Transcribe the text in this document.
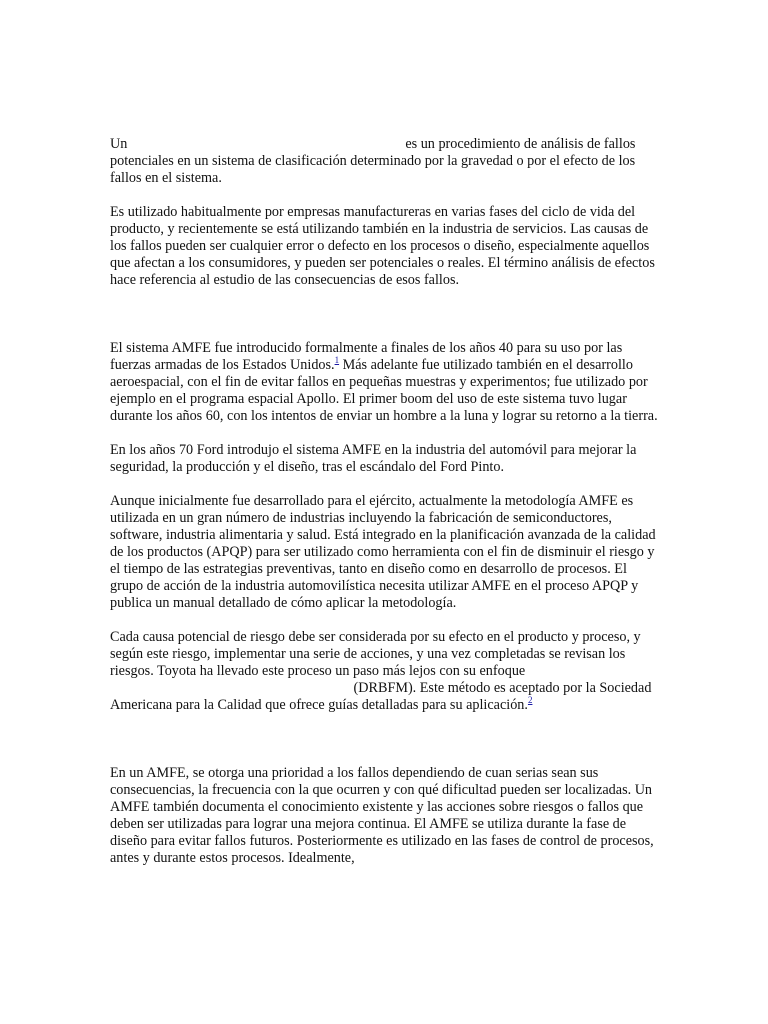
Un	es un procedimiento de análisis de fallos potenciales en un sistema de clasificación determinado por la gravedad o por el efecto de los fallos en el sistema.

Es utilizado habitualmente por empresas manufactureras en varias fases del ciclo de vida del producto, y recientemente se está utilizando también en la industria de servicios. Las causas de los fallos pueden ser cualquier error o defecto en los procesos o diseño, especialmente aquellos que afectan a los consumidores, y pueden ser potenciales o reales. El término análisis de efectos hace referencia al estudio de las consecuencias de esos fallos.

El sistema AMFE fue introducido formalmente a finales de los años 40 para su uso por las fuerzas armadas de los Estados Unidos.$^1$ Más adelante fue utilizado también en el desarrollo aeroespacial, con el fin de evitar fallos en pequeñas muestras y experimentos; fue utilizado por ejemplo en el programa espacial Apollo. El primer boom del uso de este sistema tuvo lugar durante los años 60, con los intentos de enviar un hombre a la luna y lograr su retorno a la tierra.

En los años 70 Ford introdujo el sistema AMFE en la industria del automóvil para mejorar la seguridad, la producción y el diseño, tras el escándalo del Ford Pinto.

Aunque inicialmente fue desarrollado para el ejército, actualmente la metodología AMFE es utilizada en un gran número de industrias incluyendo la fabricación de semiconductores, software, industria alimentaria y salud. Está integrado en la planificación avanzada de la calidad de los productos (APQP) para ser utilizado como herramienta con el fin de disminuir el riesgo y el tiempo de las estrategias preventivas, tanto en diseño como en desarrollo de procesos. El grupo de acción de la industria automovilística necesita utilizar AMFE en el proceso APQP y publica un manual detallado de cómo aplicar la metodología.

Cada causa potencial de riesgo debe ser considerada por su efecto en el producto y proceso, y según este riesgo, implementar una serie de acciones, y una vez completadas se revisan los riesgos. Toyota ha llevado este proceso un paso más lejos con su enfoque  (DRBFM). Este método es aceptado por la Sociedad Americana para la Calidad que ofrece guías detalladas para su aplicación.$^2$

En un AMFE, se otorga una prioridad a los fallos dependiendo de cuan serias sean sus consecuencias, la frecuencia con la que ocurren y con qué dificultad pueden ser localizadas. Un AMFE también documenta el conocimiento existente y las acciones sobre riesgos o fallos que deben ser utilizadas para lograr una mejora continua. El AMFE se utiliza durante la fase de diseño para evitar fallos futuros. Posteriormente es utilizado en las fases de control de procesos, antes y durante estos procesos. Idealmente,
